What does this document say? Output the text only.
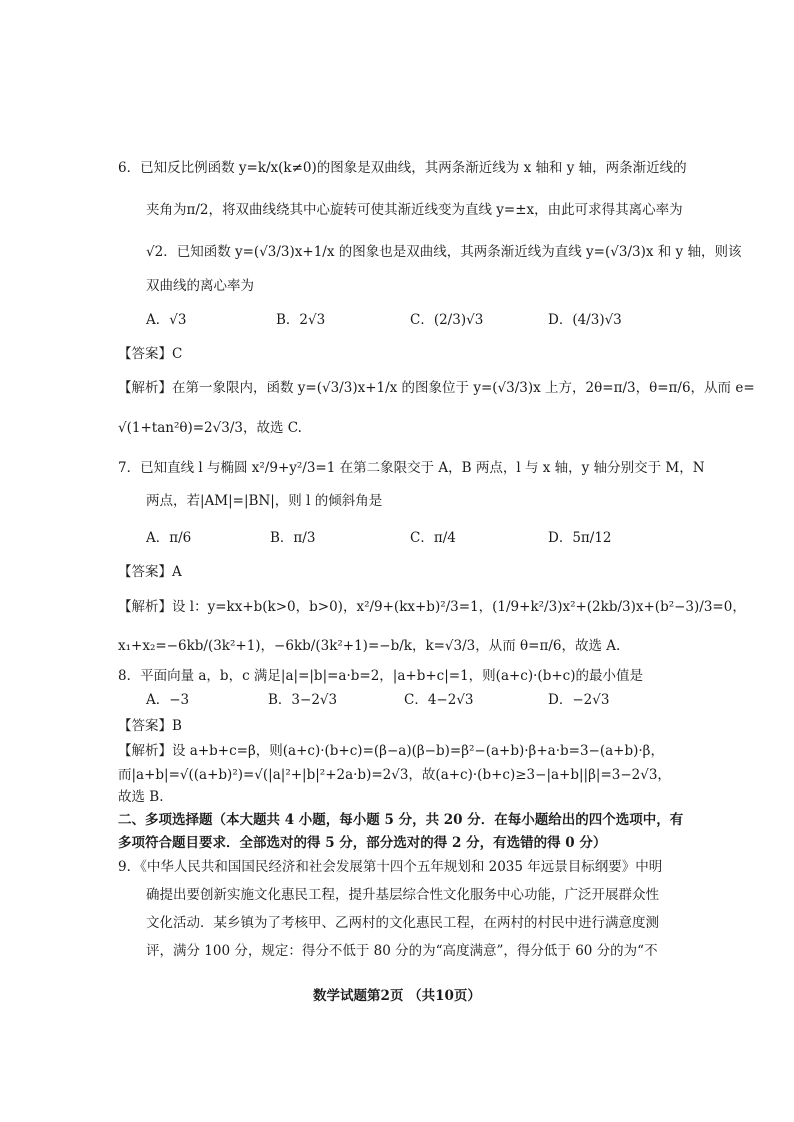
6．已知反比例函数 y=k/x(k≠0)的图象是双曲线，其两条渐近线为 x 轴和 y 轴，两条渐近线的
夹角为π/2，将双曲线绕其中心旋转可使其渐近线变为直线 y=±x，由此可求得其离心率为
√2．已知函数 y=(√3/3)x+1/x 的图象也是双曲线，其两条渐近线为直线 y=(√3/3)x 和 y 轴，则该
双曲线的离心率为
A．√3	B．2√3	C．(2/3)√3	D．(4/3)√3
【答案】C
【解析】在第一象限内，函数 y=(√3/3)x+1/x 的图象位于 y=(√3/3)x 上方，2θ=π/3，θ=π/6，从而 e=
√(1+tan²θ)=2√3/3，故选 C.
7．已知直线 l 与椭圆 x²/9+y²/3=1 在第二象限交于 A，B 两点，l 与 x 轴，y 轴分别交于 M，N
两点，若|AM|=|BN|，则 l 的倾斜角是
A．π/6	B．π/3	C．π/4	D．5π/12
【答案】A
【解析】设 l：y=kx+b(k>0，b>0)，x²/9+(kx+b)²/3=1，(1/9+k²/3)x²+(2kb/3)x+(b²−3)/3=0，
x₁+x₂=−6kb/(3k²+1)，−6kb/(3k²+1)=−b/k，k=√3/3，从而 θ=π/6，故选 A.
8．平面向量 a，b，c 满足|a|=|b|=a·b=2，|a+b+c|=1，则(a+c)·(b+c)的最小值是
A．−3	B．3−2√3	C．4−2√3	D．−2√3
【答案】B
【解析】设 a+b+c=β，则(a+c)·(b+c)=(β−a)(β−b)=β²−(a+b)·β+a·b=3−(a+b)·β，
而|a+b|=√((a+b)²)=√(|a|²+|b|²+2a·b)=2√3，故(a+c)·(b+c)≥3−|a+b||β|=3−2√3，
故选 B.
二、多项选择题（本大题共 4 小题，每小题 5 分，共 20 分．在每小题给出的四个选项中，有
多项符合题目要求．全部选对的得 5 分，部分选对的得 2 分，有选错的得 0 分）
9．《中华人民共和国国民经济和社会发展第十四个五年规划和 2035 年远景目标纲要》中明
确提出要创新实施文化惠民工程，提升基层综合性文化服务中心功能，广泛开展群众性
文化活动．某乡镇为了考核甲、乙两村的文化惠民工程，在两村的村民中进行满意度测
评，满分 100 分，规定：得分不低于 80 分的为“高度满意”，得分低于 60 分的为“不
数学试题第2页 （共10页）
